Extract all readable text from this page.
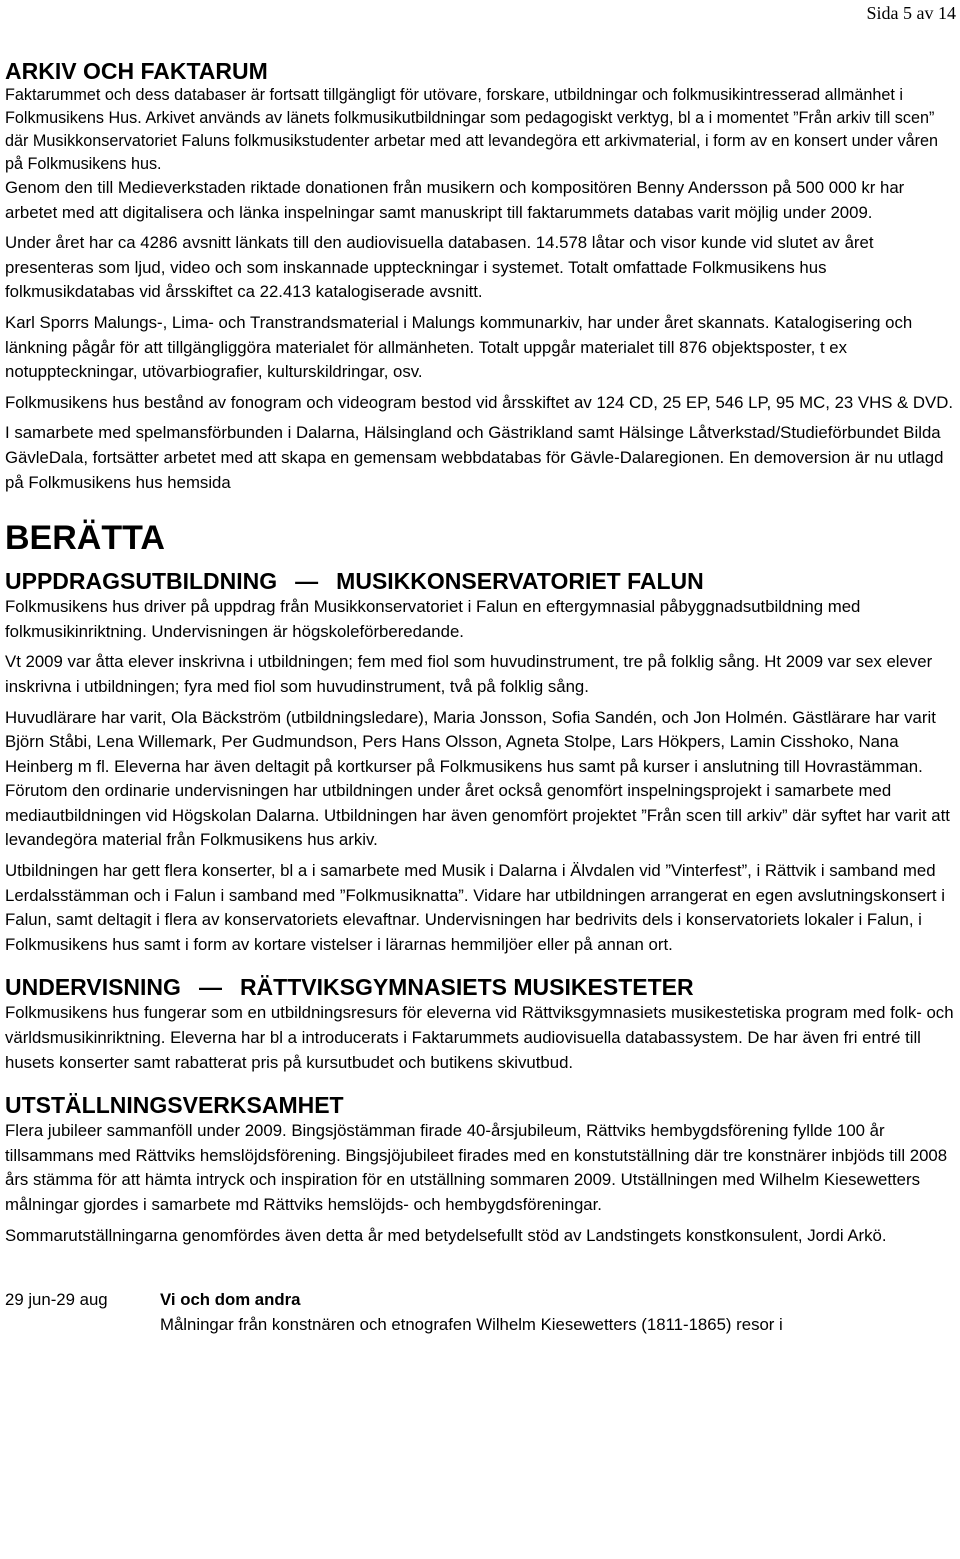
Sida 5 av 14
ARKIV OCH FAKTARUM

Faktarummet och dess databaser är fortsatt tillgängligt för utövare, forskare, utbildningar och folkmusikintresserad allmänhet i Folkmusikens Hus. Arkivet används av länets folkmusikutbildningar som pedagogiskt verktyg, bl a i momentet ”Från arkiv till scen” där Musikkonservatoriet Faluns folkmusikstudenter arbetar med att levandegöra ett arkivmaterial, i form av en konsert under våren på Folkmusikens hus.

Genom den till Medieverkstaden riktade donationen från musikern och kompositören Benny Andersson på 500 000 kr har arbetet med att digitalisera och länka inspelningar samt manuskript till faktarummets databas varit möjlig under 2009.

Under året har ca 4286 avsnitt länkats till den audiovisuella databasen. 14.578 låtar och visor kunde vid slutet av året presenteras som ljud, video och som inskannade uppteckningar i systemet. Totalt omfattade Folkmusikens hus folkmusikdatabas vid årsskiftet ca 22.413 katalogiserade avsnitt.

Karl Sporrs Malungs-, Lima- och Transtrandsmaterial i Malungs kommunarkiv, har under året skannats. Katalogisering och länkning pågår för att tillgängliggöra materialet för allmänheten. Totalt uppgår materialet till 876 objektsposter, t ex notuppteckningar, utövarbiografier, kulturskildringar, osv.

Folkmusikens hus bestånd av fonogram och videogram bestod vid årsskiftet av 124 CD, 25 EP, 546 LP, 95 MC, 23 VHS & DVD.

I samarbete med spelmansförbunden i Dalarna, Hälsingland och Gästrikland samt Hälsinge Låtverkstad/Studieförbundet Bilda GävleDala, fortsätter arbetet med att skapa en gemensam webbdatabas för Gävle-Dalaregionen. En demoversion är nu utlagd på Folkmusikens hus hemsida

BERÄTTA
UPPDRAGSUTBILDNING — MUSIKKONSERVATORIET FALUN

Folkmusikens hus driver på uppdrag från Musikkonservatoriet i Falun en eftergymnasial påbyggnadsutbildning med folkmusikinriktning. Undervisningen är högskoleförberedande.

Vt 2009 var åtta elever inskrivna i utbildningen; fem med fiol som huvudinstrument, tre på folklig sång. Ht 2009 var sex elever inskrivna i utbildningen; fyra med fiol som huvudinstrument, två på folklig sång.

Huvudlärare har varit, Ola Bäckström (utbildningsledare), Maria Jonsson, Sofia Sandén, och Jon Holmén. Gästlärare har varit Björn Ståbi, Lena Willemark, Per Gudmundson, Pers Hans Olsson, Agneta Stolpe, Lars Hökpers, Lamin Cisshoko, Nana Heinberg m fl. Eleverna har även deltagit på kortkurser på Folkmusikens hus samt på kurser i anslutning till Hovrastämman. Förutom den ordinarie undervisningen har utbildningen under året också genomfört inspelningsprojekt i samarbete med mediautbildningen vid Högskolan Dalarna. Utbildningen har även genomfört projektet ”Från scen till arkiv” där syftet har varit att levandegöra material från Folkmusikens hus arkiv.

Utbildningen har gett flera konserter, bl a i samarbete med Musik i Dalarna i Älvdalen vid ”Vinterfest”, i Rättvik i samband med Lerdalsstämman och i Falun i samband med ”Folkmusiknatta”. Vidare har utbildningen arrangerat en egen avslutningskonsert i Falun, samt deltagit i flera av konservatoriets elevaftnar. Undervisningen har bedrivits dels i konservatoriets lokaler i Falun, i Folkmusikens hus samt i form av kortare vistelser i lärarnas hemmiljöer eller på annan ort.

UNDERVISNING — RÄTTVIKSGYMNASIETS MUSIKESTETER

Folkmusikens hus fungerar som en utbildningsresurs för eleverna vid Rättviksgymnasiets musikestetiska program med folk- och världsmusikinriktning. Eleverna har bl a introducerats i Faktarummets audiovisuella databassystem. De har även fri entré till husets konserter samt rabatterat pris på kursutbudet och butikens skivutbud.

UTSTÄLLNINGSVERKSAMHET

Flera jubileer sammanföll under 2009. Bingsjöstämman firade 40-årsjubileum, Rättviks hembygdsförening fyllde 100 år tillsammans med Rättviks hemslöjdsförening. Bingsjöjubileet firades med en konstutställning där tre konstnärer inbjöds till 2008 års stämma för att hämta intryck och inspiration för en utställning sommaren 2009. Utställningen med Wilhelm Kiesewetters målningar gjordes i samarbete md Rättviks hemslöjds- och hembygdsföreningar.

Sommarutställningarna genomfördes även detta år med betydelsefullt stöd av Landstingets konstkonsulent, Jordi Arkö.

29 jun-29 aug	Vi och dom andra
Målningar från konstnären och etnografen Wilhelm Kiesewetters (1811-1865) resor i
